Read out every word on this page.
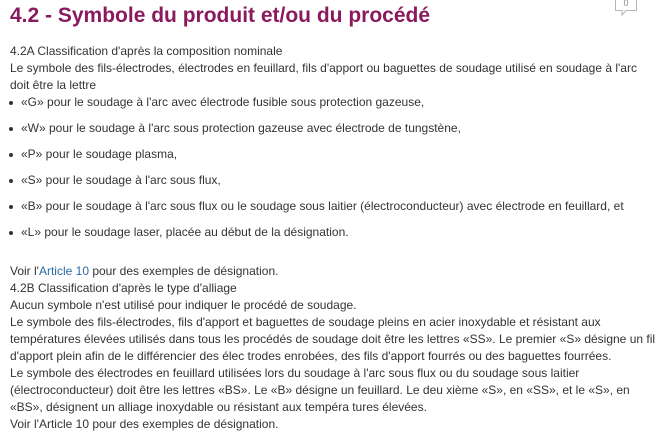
4.2 - Symbole du produit et/ou du procédé
0

4.2A Classification d'après la composition nominale

Le symbole des fils-électrodes, électrodes en feuillard, fils d'apport ou baguettes de soudage utilisé en soudage à l'arc doit être la lettre

«G» pour le soudage à l'arc avec électrode fusible sous protection gazeuse,
«W» pour le soudage à l'arc sous protection gazeuse avec électrode de tungstène,
«P» pour le soudage plasma,
«S» pour le soudage à l'arc sous flux,
«B» pour le soudage à l'arc sous flux ou le soudage sous laitier (électroconducteur) avec électrode en feuillard, et
«L» pour le soudage laser, placée au début de la désignation.

Voir l'Article 10 pour des exemples de désignation.

4.2B Classification d'après le type d'alliage

Aucun symbole n'est utilisé pour indiquer le procédé de soudage.

Le symbole des fils-électrodes, fils d'apport et baguettes de soudage pleins en acier inoxydable et résistant aux températures élevées utilisés dans tous les procédés de soudage doit être les lettres «SS». Le premier «S» désigne un fil d'apport plein afin de le différencier des élec trodes enrobées, des fils d'apport fourrés ou des baguettes fourrées.

Le symbole des électrodes en feuillard utilisées lors du soudage à l'arc sous flux ou du soudage sous laitier (électroconducteur) doit être les lettres «BS». Le «B» désigne un feuillard. Le deu xième «S», en «SS», et le «S», en «BS», désignent un alliage inoxydable ou résistant aux tempéra tures élevées.

Voir l'Article 10 pour des exemples de désignation.
